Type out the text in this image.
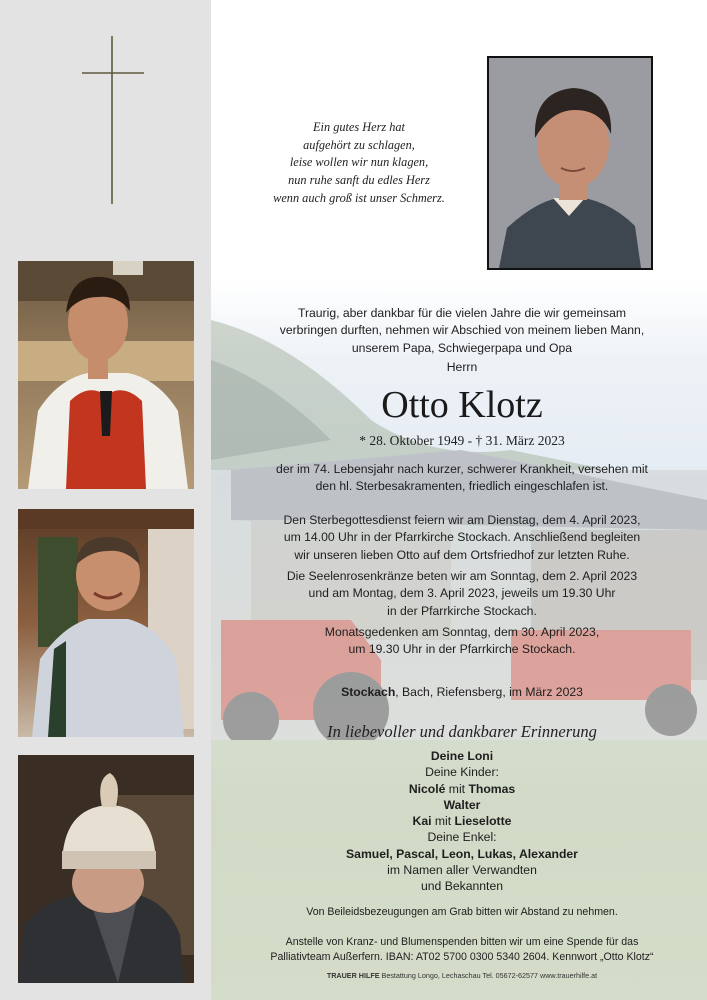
Ein gutes Herz hat
aufgehört zu schlagen,
leise wollen wir nun klagen,
nun ruhe sanft du edles Herz
wenn auch groß ist unser Schmerz.
Traurig, aber dankbar für die vielen Jahre die wir gemeinsam
verbringen durften, nehmen wir Abschied von meinem lieben Mann,
unserem Papa, Schwiegerpapa und Opa
Herrn
Otto Klotz
* 28. Oktober 1949 - † 31. März 2023
der im 74. Lebensjahr nach kurzer, schwerer Krankheit, versehen mit
den hl. Sterbesakramenten, friedlich eingeschlafen ist.
Den Sterbegottesdienst feiern wir am Dienstag, dem 4. April 2023,
um 14.00 Uhr in der Pfarrkirche Stockach. Anschließend begleiten
wir unseren lieben Otto auf dem Ortsfriedhof zur letzten Ruhe.
Die Seelenrosenkränze beten wir am Sonntag, dem 2. April 2023
und am Montag, dem 3. April 2023, jeweils um 19.30 Uhr
in der Pfarrkirche Stockach.
Monatsgedenken am Sonntag, dem 30. April 2023,
um 19.30 Uhr in der Pfarrkirche Stockach.
Stockach, Bach, Riefensberg, im März 2023
In liebevoller und dankbarer Erinnerung
Deine Loni
Deine Kinder:
Nicolé mit Thomas
Walter
Kai mit Lieselotte
Deine Enkel:
Samuel, Pascal, Leon, Lukas, Alexander
im Namen aller Verwandten
und Bekannten
Von Beileidsbezeugungen am Grab bitten wir Abstand zu nehmen.
Anstelle von Kranz- und Blumenspenden bitten wir um eine Spende für das
Palliativteam Außerfern. IBAN: AT02 5700 0300 5340 2604. Kennwort „Otto Klotz“
TRAUER HILFE Bestattung Longo, Lechaschau Tel. 05672-62577 www.trauerhilfe.at
